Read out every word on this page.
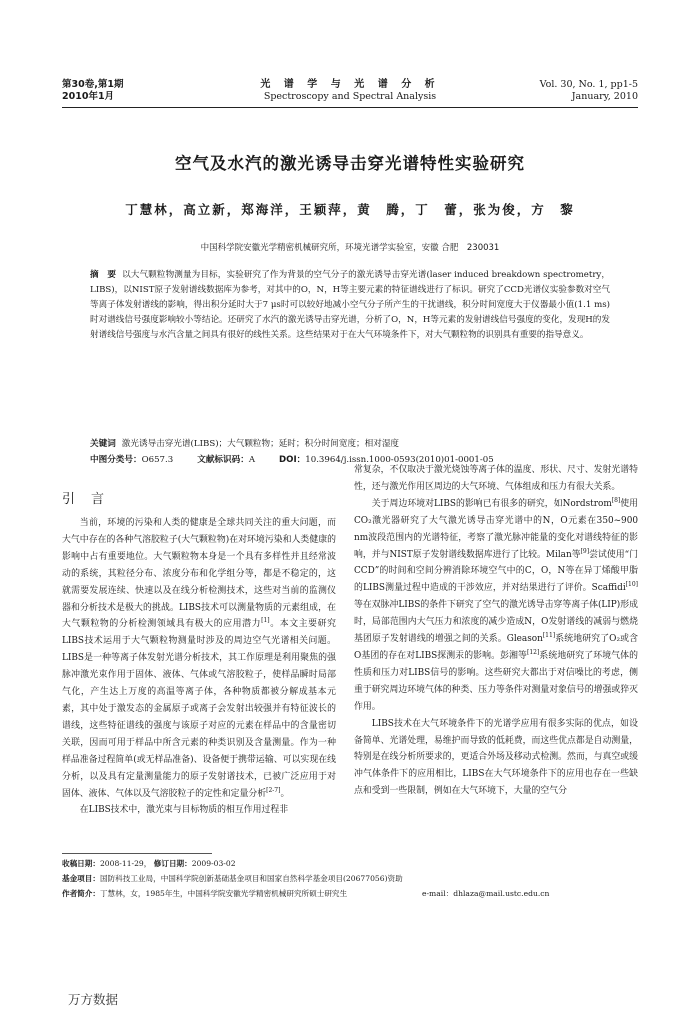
第30卷,第1期
2010年1月
光 谱 学 与 光 谱 分 析
Spectroscopy and Spectral Analysis
Vol. 30, No. 1, pp1-5
January, 2010
空气及水汽的激光诱导击穿光谱特性实验研究
丁慧林，高立新，郑海洋，王颖萍，黄　腾，丁　蕾，张为俊，方　黎
中国科学院安徽光学精密机械研究所，环境光谱学实验室，安徽 合肥　230031
摘　要 以大气颗粒物测量为目标，实验研究了作为背景的空气分子的激光诱导击穿光谱(laser induced breakdown spectrometry，LIBS)，以NIST原子发射谱线数据库为参考，对其中的O，N，H等主要元素的特征谱线进行了标识。研究了CCD光谱仪实验参数对空气等离子体发射谱线的影响，得出积分延时大于7 μs时可以较好地减小空气分子所产生的干扰谱线，积分时间宽度大于仪器最小值(1.1 ms)时对谱线信号强度影响较小等结论。还研究了水汽的激光诱导击穿光谱，分析了O，N，H等元素的发射谱线信号强度的变化，发现H的发射谱线信号强度与水汽含量之间具有很好的线性关系。这些结果对于在大气环境条件下，对大气颗粒物的识别具有重要的指导意义。
关键词 激光诱导击穿光谱(LIBS)；大气颗粒物；延时；积分时间宽度；相对湿度
中图分类号：O657.3	文献标识码：A	DOI：10.3964/j.issn.1000-0593(2010)01-0001-05
引言

当前，环境的污染和人类的健康是全球共同关注的重大问题，而大气中存在的各种气溶胶粒子(大气颗粒物)在对环境污染和人类健康的影响中占有重要地位。大气颗粒物本身是一个具有多样性并且经常波动的系统，其粒径分布、浓度分布和化学组分等，都是不稳定的，这就需要发展连续、快速以及在线分析检测技术，这些对当前的监测仪器和分析技术是极大的挑战。LIBS技术可以测量物质的元素组成，在大气颗粒物的分析检测领域具有极大的应用潜力[1]。本文主要研究LIBS技术运用于大气颗粒物测量时涉及的周边空气光谱相关问题。LIBS是一种等离子体发射光谱分析技术，其工作原理是利用聚焦的强脉冲激光束作用于固体、液体、气体或气溶胶粒子，使样品瞬时局部气化，产生达上万度的高温等离子体，各种物质都被分解成基本元素，其中处于激发态的金属原子或离子会发射出较强并有特征波长的谱线，这些特征谱线的强度与该原子对应的元素在样品中的含量密切关联，因而可用于样品中所含元素的种类识别及含量测量。作为一种样品准备过程简单(或无样品准备)、设备便于携带运输、可以实现在线分析，以及具有定量测量能力的原子发射谱技术，已被广泛应用于对固体、液体、气体以及气溶胶粒子的定性和定量分析[2-7]。

在LIBS技术中，激光束与目标物质的相互作用过程非

常复杂，不仅取决于激光烧蚀等离子体的温度、形状、尺寸、发射光谱特性，还与激光作用区周边的大气环境、气体组成和压力有很大关系。

关于周边环境对LIBS的影响已有很多的研究，如Nordstrom[8]使用CO₂激光器研究了大气激光诱导击穿光谱中的N，O元素在350~900 nm波段范围内的光谱特征，考察了激光脉冲能量的变化对谱线特征的影响，并与NIST原子发射谱线数据库进行了比较。Milan等[9]尝试使用“门CCD”的时间和空间分辨消除环境空气中的C，O，N等在异丁烯酸甲脂的LIBS测量过程中造成的干涉效应，并对结果进行了评价。Scaffidi[10]等在双脉冲LIBS的条件下研究了空气的激光诱导击穿等离子体(LIP)形成时，局部范围内大气压力和浓度的减少造成N，O发射谱线的减弱与燃烧基团原子发射谱线的增强之间的关系。Gleason[11]系统地研究了O₂或含O基团的存在对LIBS探测汞的影响。彭湘等[12]系统地研究了环境气体的性质和压力对LIBS信号的影响。这些研究大都出于对信噪比的考虑，侧重于研究周边环境气体的种类、压力等条件对测量对象信号的增强或猝灭作用。

LIBS技术在大气环境条件下的光谱学应用有很多实际的优点，如设备简单、光谱处理，易维护而导致的低耗费，而这些优点都是自动测量，特别是在线分析所要求的，更适合外场及移动式检测。然而，与真空或缓冲气体条件下的应用相比，LIBS在大气环境条件下的应用也存在一些缺点和受到一些限制，例如在大气环境下，大量的空气分

收稿日期：2008-11-29， 修订日期：2009-03-02
基金项目：国防科技工业局，中国科学院创新基础基金项目和国家自然科学基金项目(20677056)资助
作者简介：丁慧林，女，1985年生，中国科学院安徽光学精密机械研究所硕士研究生	e-mail：dhlaza@mail.ustc.edu.cn
万方数据
